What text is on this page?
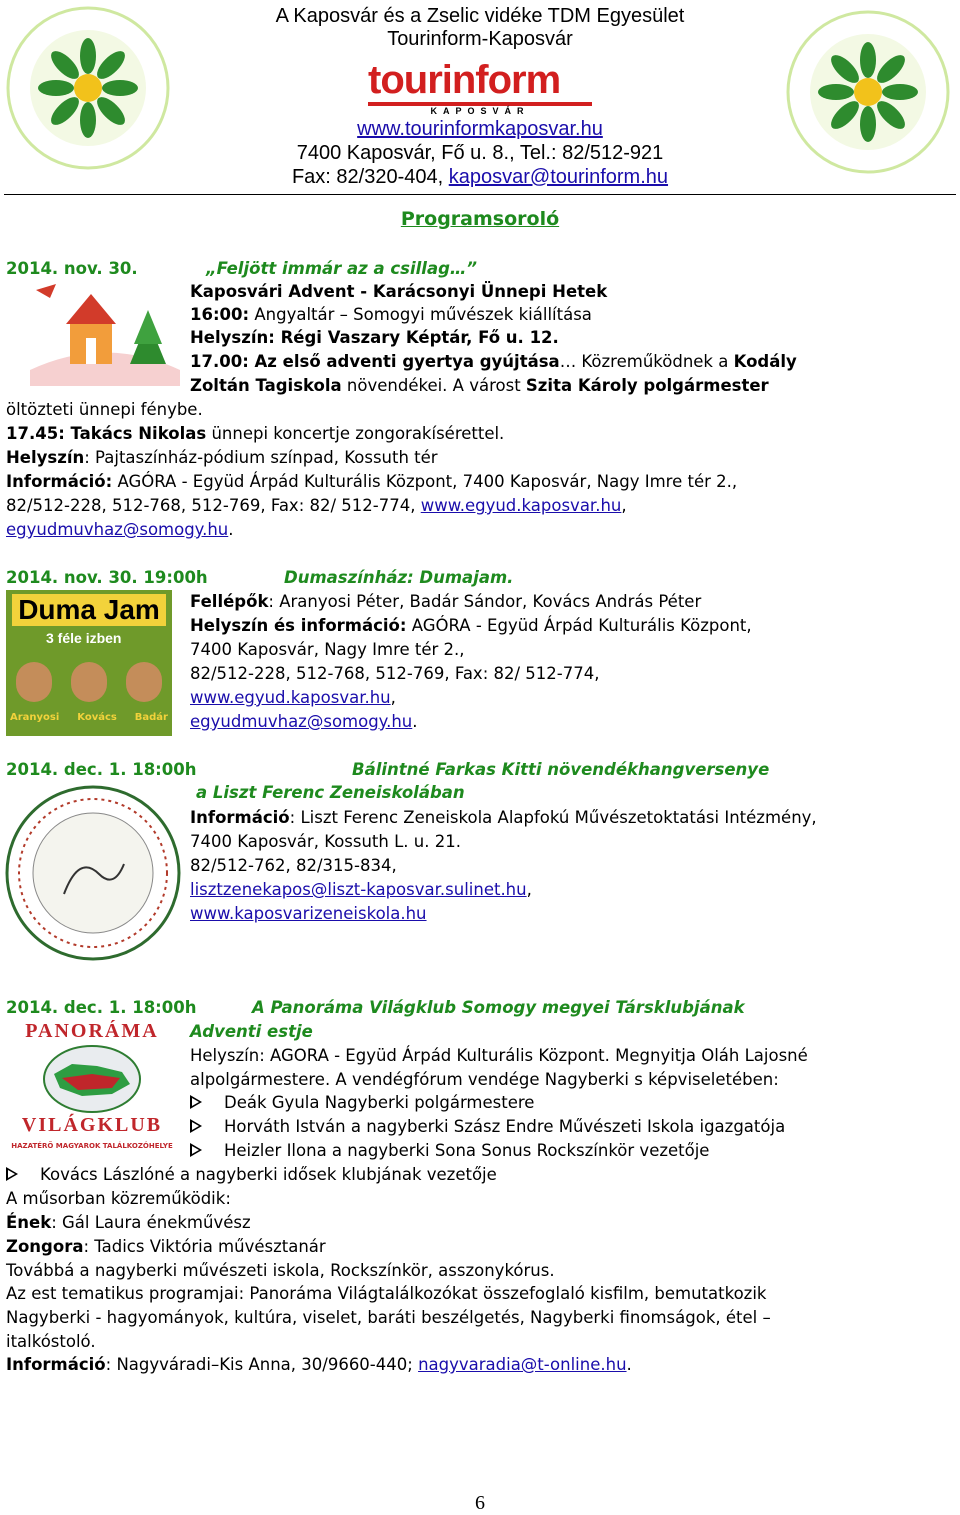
A Kaposvár és a Zselic vidéke TDM Egyesület
Tourinform-Kaposvár
tourinform
KAPOSVÁR
www.tourinformkaposvar.hu
7400 Kaposvár, Fő u. 8., Tel.: 82/512-921
Fax: 82/320-404, kaposvar@tourinform.hu
Programsoroló
2014. nov. 30.	„Feljött immár az a csillag…”
Kaposvári Advent - Karácsonyi Ünnepi Hetek
16:00: Angyaltár – Somogyi művészek kiállítása
Helyszín: Régi Vaszary Képtár, Fő u. 12.
17.00: Az első adventi gyertya gyújtása… Közreműködnek a Kodály
Zoltán Tagiskola növendékei. A várost Szita Károly polgármester
öltözteti ünnepi fénybe.
17.45: Takács Nikolas ünnepi koncertje zongorakísérettel.
Helyszín: Pajtaszínház-pódium színpad, Kossuth tér
Információ: AGÓRA - Együd Árpád Kulturális Központ, 7400 Kaposvár, Nagy Imre tér 2.,
82/512-228, 512-768, 512-769, Fax: 82/ 512-774, www.egyud.kaposvar.hu,
egyudmuvhaz@somogy.hu.
2014. nov. 30. 19:00h	Dumaszínház: Dumajam.
Duma Jam
3 féle izben
Aranyosi Kovács Badár
Fellépők: Aranyosi Péter, Badár Sándor, Kovács András Péter
Helyszín és információ: AGÓRA - Együd Árpád Kulturális Központ,
7400 Kaposvár, Nagy Imre tér 2.,
82/512-228, 512-768, 512-769, Fax: 82/ 512-774,
www.egyud.kaposvar.hu,
egyudmuvhaz@somogy.hu.
2014. dec. 1. 18:00h	Bálintné Farkas Kitti növendékhangversenye
a Liszt Ferenc Zeneiskolában
Információ: Liszt Ferenc Zeneiskola Alapfokú Művészetoktatási Intézmény,
7400 Kaposvár, Kossuth L. u. 21.
82/512-762, 82/315-834,
lisztzenekapos@liszt-kaposvar.sulinet.hu,
www.kaposvarizeneiskola.hu
2014. dec. 1. 18:00h	A Panoráma Világklub Somogy megyei Társklubjának
Adventi estje
PANORÁMA
VILÁGKLUB
HAZATÉRŐ MAGYAROK TALÁLKOZÓHELYE
Helyszín: AGORA - Együd Árpád Kulturális Központ. Megnyitja Oláh Lajosné
alpolgármestere. A vendégfórum vendége Nagyberki s képviseletében:
Deák Gyula Nagyberki polgármestere
Horváth István a nagyberki Szász Endre Művészeti Iskola igazgatója
Heizler Ilona a nagyberki Sona Sonus Rockszínkör vezetője
Kovács Lászlóné a nagyberki idősek klubjának vezetője
A műsorban közreműködik:
Ének: Gál Laura énekművész
Zongora: Tadics Viktória művésztanár
Továbbá a nagyberki művészeti iskola, Rockszínkör, asszonykórus.
Az est tematikus programjai: Panoráma Világtalálkozókat összefoglaló kisfilm, bemutatkozik
Nagyberki - hagyományok, kultúra, viselet, baráti beszélgetés, Nagyberki finomságok, étel –
italkóstoló.
Információ: Nagyváradi–Kis Anna, 30/9660-440; nagyvaradia@t-online.hu.
6
